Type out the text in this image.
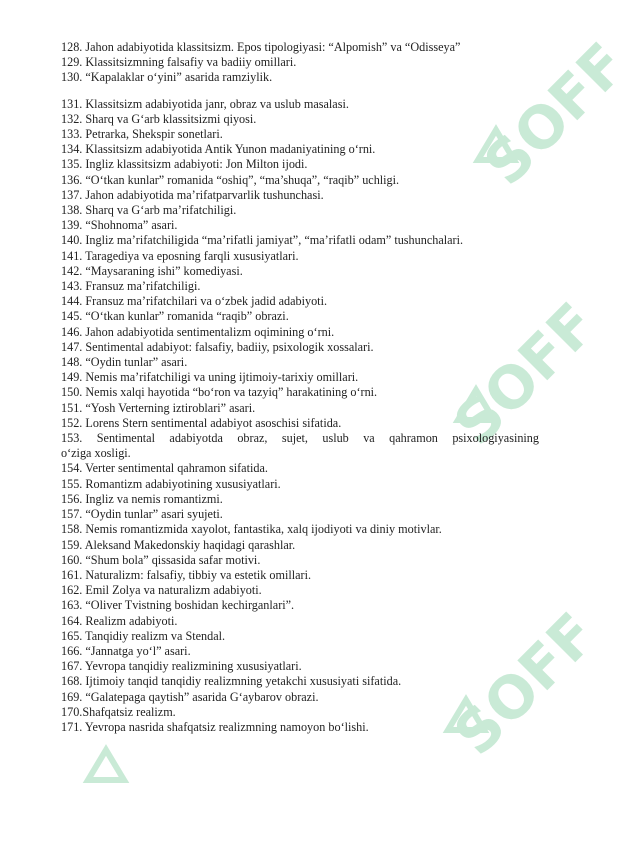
SOFF
SOFF
SOFF
128. Jahon adabiyotida klassitsizm. Epos tipologiyasi: “Alpomish” va “Odisseya”
129. Klassitsizmning falsafiy va badiiy omillari.
130. “Kapalaklar o‘yini” asarida ramziylik.
131. Klassitsizm adabiyotida janr, obraz va uslub masalasi.
132. Sharq va G‘arb klassitsizmi qiyosi.
133. Petrarka, Shekspir sonetlari.
134. Klassitsizm adabiyotida Antik Yunon madaniyatining o‘rni.
135. Ingliz klassitsizm adabiyoti: Jon Milton ijodi.
136. “O‘tkan kunlar” romanida “oshiq”, “ma’shuqa”, “raqib” uchligi.
137. Jahon adabiyotida ma’rifatparvarlik tushunchasi.
138. Sharq va G‘arb ma’rifatchiligi.
139. “Shohnoma” asari.
140. Ingliz ma’rifatchiligida “ma’rifatli jamiyat”, “ma’rifatli odam” tushunchalari.
141. Taragediya va eposning farqli xususiyatlari.
142. “Maysaraning ishi” komediyasi.
143. Fransuz ma’rifatchiligi.
144. Fransuz ma’rifatchilari va o‘zbek jadid adabiyoti.
145. “O‘tkan kunlar” romanida “raqib” obrazi.
146. Jahon adabiyotida sentimentalizm oqimining o‘rni.
147. Sentimental adabiyot: falsafiy, badiiy, psixologik xossalari.
148. “Oydin tunlar” asari.
149. Nemis ma’rifatchiligi va uning ijtimoiy-tarixiy omillari.
150. Nemis xalqi hayotida “bo‘ron va tazyiq” harakatining o‘rni.
151. “Yosh Verterning iztiroblari” asari.
152. Lorens Stern sentimental adabiyot asoschisi sifatida.
153. Sentimental adabiyotda obraz, sujet, uslub va qahramon psixologiyasining
o‘ziga xosligi.
154. Verter sentimental qahramon sifatida.
155. Romantizm adabiyotining xususiyatlari.
156. Ingliz va nemis romantizmi.
157. “Oydin tunlar” asari syujeti.
158. Nemis romantizmida xayolot, fantastika, xalq ijodiyoti va diniy motivlar.
159. Aleksand Makedonskiy haqidagi qarashlar.
160. “Shum bola” qissasida safar motivi.
161. Naturalizm: falsafiy, tibbiy va estetik omillari.
162. Emil Zolya va naturalizm adabiyoti.
163. “Oliver Tvistning boshidan kechirganlari”.
164. Realizm adabiyoti.
165. Tanqidiy realizm va Stendal.
166. “Jannatga yo‘l” asari.
167. Yevropa tanqidiy realizmining xususiyatlari.
168. Ijtimoiy tanqid tanqidiy realizmning yetakchi xususiyati sifatida.
169. “Galatepaga qaytish” asarida G‘aybarov obrazi.
170.Shafqatsiz realizm.
171. Yevropa nasrida shafqatsiz realizmning namoyon bo‘lishi.
